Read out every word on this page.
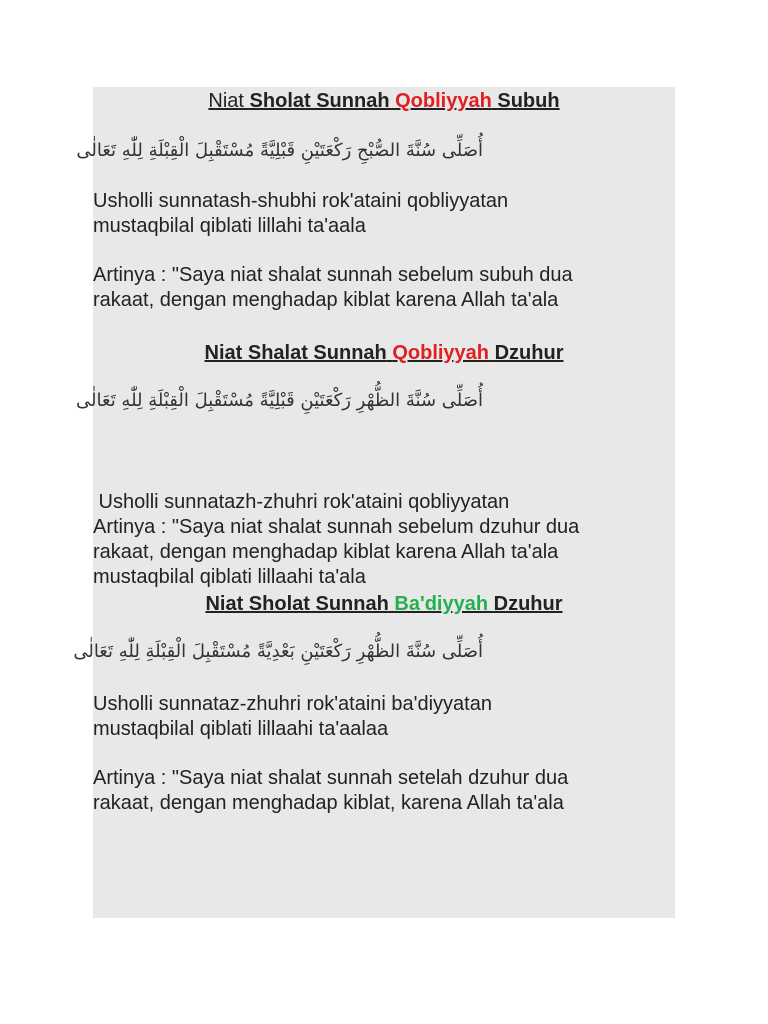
Niat Sholat Sunnah Qobliyyah Subuh
أُصَلِّى سُنَّةَ الصُّبْحِ رَكْعَتَيْنِ قَبْلِيَّةً مُسْتَقْبِلَ الْقِبْلَةِ لِلّٰهِ تَعَالٰى
Usholli sunnatash-shubhi rok'ataini qobliyyatan
mustaqbilal qiblati lillahi ta'aala
Artinya : "Saya niat shalat sunnah sebelum subuh dua
rakaat, dengan menghadap kiblat karena Allah ta'ala
Niat Shalat Sunnah Qobliyyah Dzuhur
أُصَلِّى سُنَّةَ الظُّهْرِ رَكْعَتَيْنِ قَبْلِيَّةً مُسْتَقْبِلَ الْقِبْلَةِ لِلّٰهِ تَعَالٰى

Usholli sunnatazh-zhuhri rok'ataini qobliyyatan

mustaqbilal qiblati lillaahi ta'ala

Artinya : "Saya niat shalat sunnah sebelum dzuhur dua
rakaat, dengan menghadap kiblat karena Allah ta'ala
Niat Sholat Sunnah Ba'diyyah Dzuhur
أُصَلِّى سُنَّةَ الظُّهْرِ رَكْعَتَيْنِ بَعْدِيَّةً مُسْتَقْبِلَ الْقِبْلَةِ لِلّٰهِ تَعَالٰى
Usholli sunnataz-zhuhri rok'ataini ba'diyyatan
mustaqbilal qiblati lillaahi ta'aalaa
Artinya : "Saya niat shalat sunnah setelah dzuhur dua
rakaat, dengan menghadap kiblat, karena Allah ta'ala
